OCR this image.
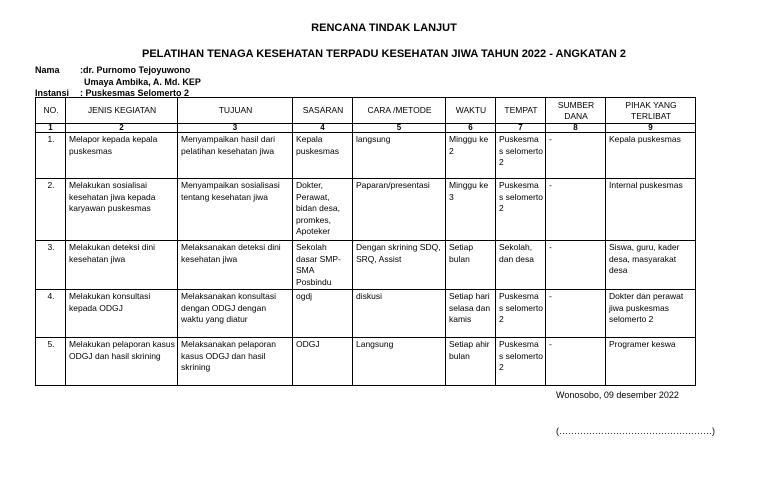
RENCANA TINDAK LANJUT
PELATIHAN TENAGA KESEHATAN TERPADU KESEHATAN JIWA TAHUN 2022 - ANGKATAN 2
Nama :dr. Purnomo Tejoyuwono
Umaya Ambika, A. Md. KEP
Instansi : Puskesmas Selomerto 2
NO.	JENIS KEGIATAN	TUJUAN	SASARAN	CARA /METODE	WAKTU	TEMPAT	SUMBER DANA	PIHAK YANG TERLIBAT
1	2	3	4	5	6	7	8	9
1.	Melapor kepada kepala puskesmas	Menyampaikan hasil dari pelatihan kesehatan jiwa	Kepala puskesmas	langsung	Minggu ke 2	Puskesma s selomerto 2	-	Kepala puskesmas
2.	Melakukan sosialisai kesehatan jiwa kepada karyawan puskesmas	Menyampaikan sosialisasi tentang kesehatan jiwa	Dokter, Perawat, bidan desa, promkes, Apoteker	Paparan/presentasi	Minggu ke 3	Puskesma s selomerto 2	-	Internal puskesmas
3.	Melakukan deteksi dini kesehatan jiwa	Melaksanakan deteksi dini kesehatan jiwa	Sekolah dasar SMP-SMA Posbindu	Dengan skrining SDQ, SRQ, Assist	Setiap bulan	Sekolah, dan desa	-	Siswa, guru, kader desa, masyarakat desa
4.	Melakukan konsultasi kepada ODGJ	Melaksanakan konsultasi dengan ODGJ dengan waktu yang diatur	ogdj	diskusi	Setiap hari selasa dan kamis	Puskesma s selomerto 2	-	Dokter dan perawat jiwa puskesmas selomerto 2
5.	Melakukan pelaporan kasus ODGJ dan hasil skrining	Melaksanakan pelaporan kasus ODGJ dan hasil skrining	ODGJ	Langsung	Setiap ahir bulan	Puskesma s selomerto 2	-	Programer keswa
Wonosobo, 09 desember 2022
(……………………………………………)
